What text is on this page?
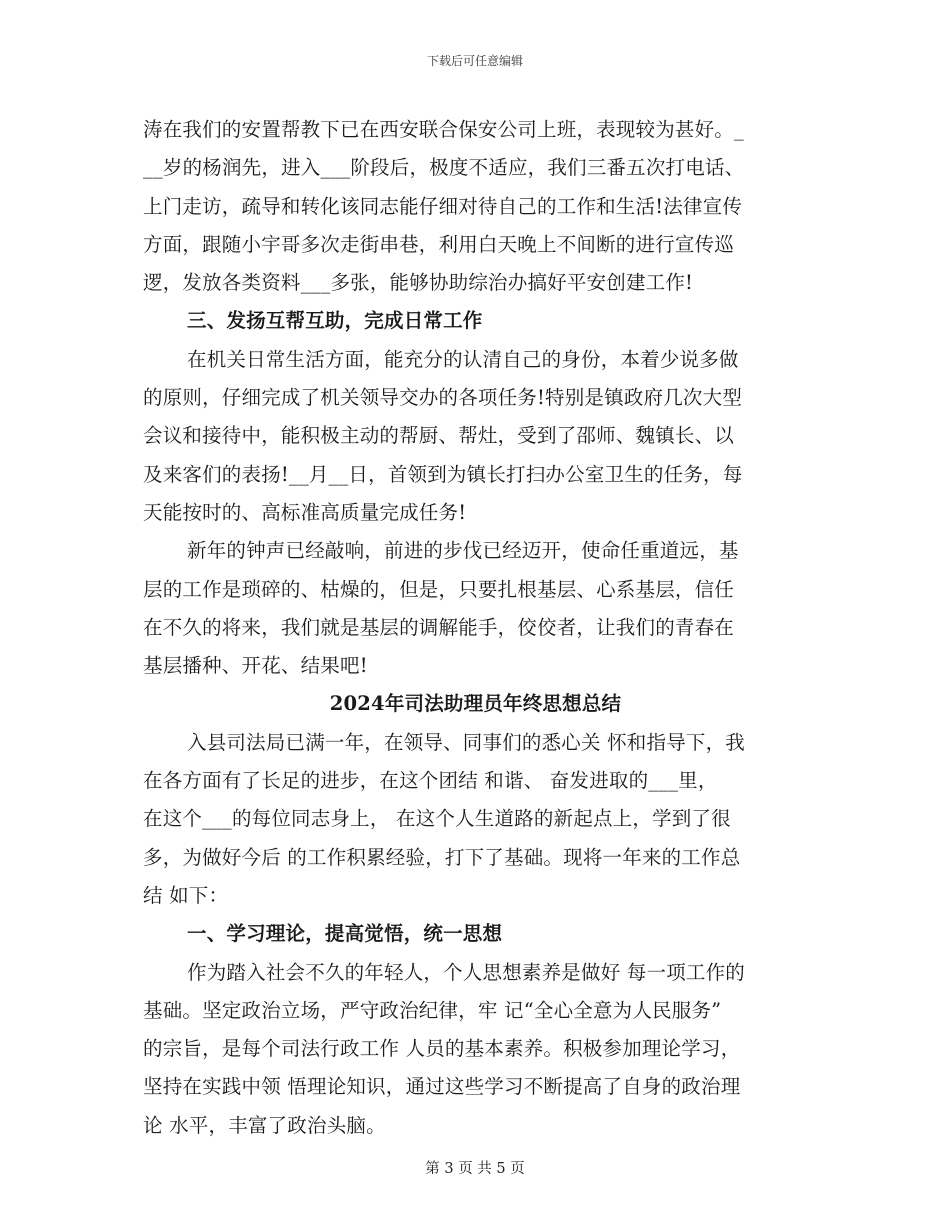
下载后可任意编辑
涛在我们的安置帮教下已在西安联合保安公司上班，表现较为甚好。_
__岁的杨润先，进入___阶段后，极度不适应，我们三番五次打电话、
上门走访，疏导和转化该同志能仔细对待自己的工作和生活!法律宣传
方面，跟随小宇哥多次走街串巷，利用白天晚上不间断的进行宣传巡
逻，发放各类资料___多张，能够协助综治办搞好平安创建工作!
三、发扬互帮互助，完成日常工作
在机关日常生活方面，能充分的认清自己的身份，本着少说多做
的原则，仔细完成了机关领导交办的各项任务!特别是镇政府几次大型
会议和接待中，能积极主动的帮厨、帮灶，受到了邵师、魏镇长、以
及来客们的表扬!__月__日，首领到为镇长打扫办公室卫生的任务，每
天能按时的、高标准高质量完成任务!
新年的钟声已经敲响，前进的步伐已经迈开，使命任重道远，基
层的工作是琐碎的、枯燥的，但是，只要扎根基层、心系基层，信任
在不久的将来，我们就是基层的调解能手，佼佼者，让我们的青春在
基层播种、开花、结果吧!
2024年司法助理员年终思想总结
入县司法局已满一年，在领导、同事们的悉心关 怀和指导下，我
在各方面有了长足的进步，在这个团结 和谐、 奋发进取的___里，
在这个___的每位同志身上， 在这个人生道路的新起点上，学到了很
多，为做好今后 的工作积累经验，打下了基础。现将一年来的工作总
结 如下：
一、学习理论，提高觉悟，统一思想
作为踏入社会不久的年轻人，个人思想素养是做好 每一项工作的
基础。坚定政治立场，严守政治纪律，牢 记“全心全意为人民服务”
的宗旨，是每个司法行政工作 人员的基本素养。积极参加理论学习，
坚持在实践中领 悟理论知识，通过这些学习不断提高了自身的政治理
论 水平，丰富了政治头脑。
第 3 页 共 5 页
